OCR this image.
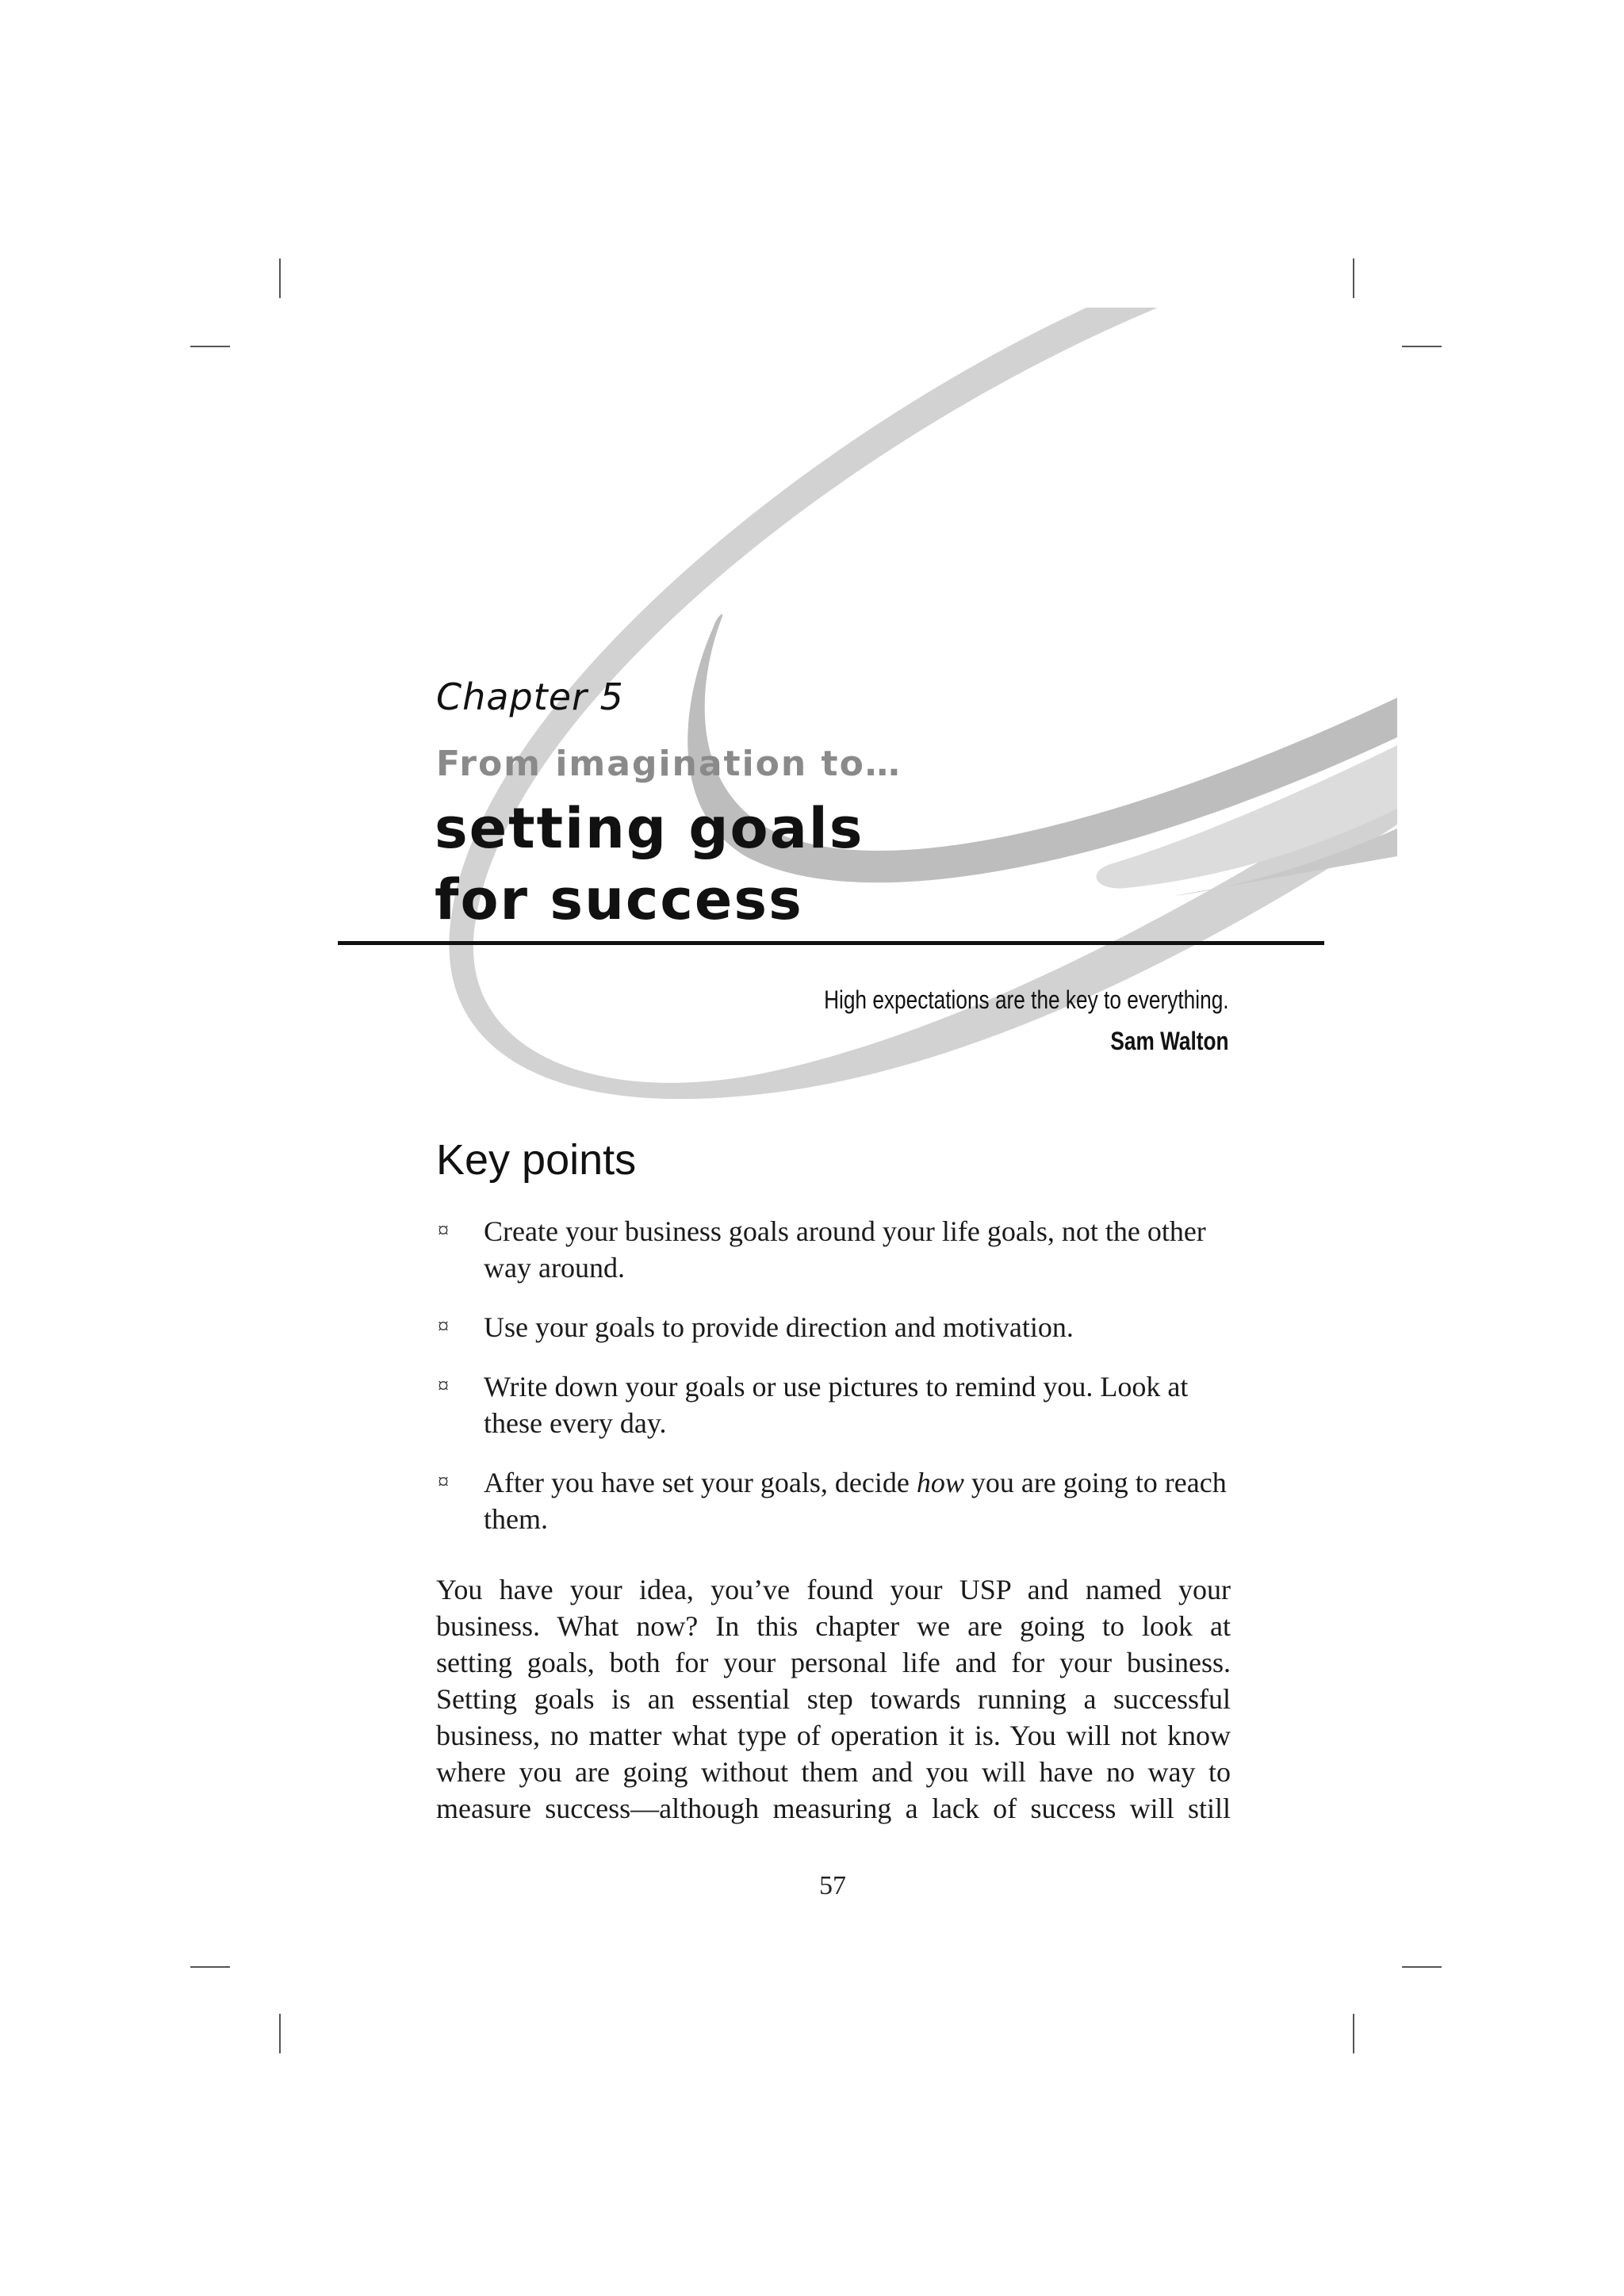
Chapter 5
From imagination to…
setting goals
for success
High expectations are the key to everything.
Sam Walton
Key points
¤ Create your business goals around your life goals, not the other way around.
¤ Use your goals to provide direction and motivation.
¤ Write down your goals or use pictures to remind you. Look at these every day.
¤ After you have set your goals, decide how you are going to reach them.
You have your idea, you’ve found your USP and named your
business. What now? In this chapter we are going to look at
setting goals, both for your personal life and for your business.
Setting goals is an essential step towards running a successful
business, no matter what type of operation it is. You will not know
where you are going without them and you will have no way to
measure success—although measuring a lack of success will still
57
